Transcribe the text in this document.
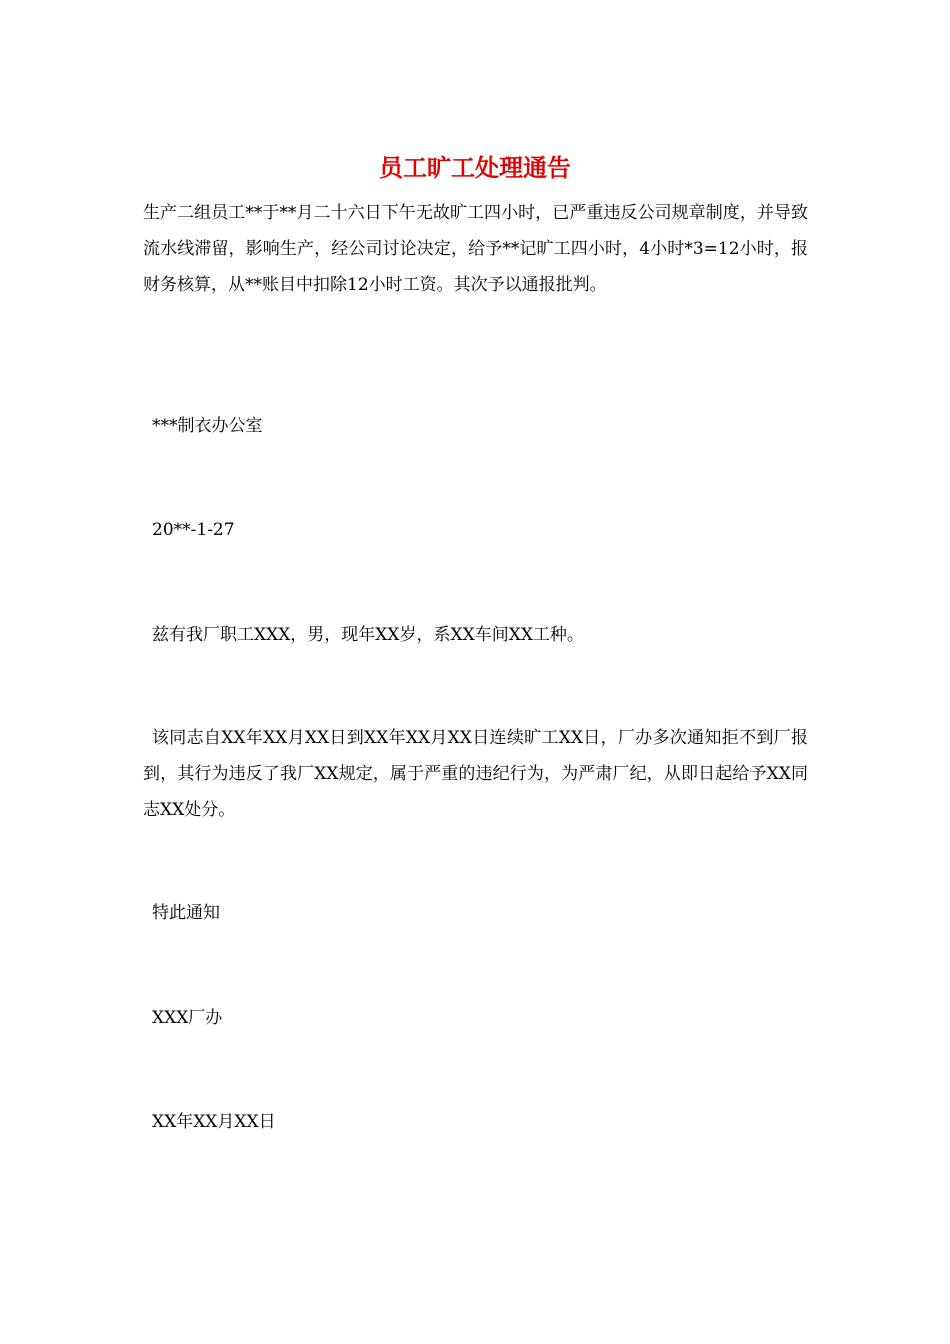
员工旷工处理通告

生产二组员工**于**月二十六日下午无故旷工四小时，已严重违反公司规章制度，并导致流水线滞留，影响生产，经公司讨论决定，给予**记旷工四小时，4小时*3=12小时，报财务核算，从**账目中扣除12小时工资。其次予以通报批判。

***制衣办公室

20**-1-27

兹有我厂职工XXX，男，现年XX岁，系XX车间XX工种。

该同志自XX年XX月XX日到XX年XX月XX日连续旷工XX日，厂办多次通知拒不到厂报到，其行为违反了我厂XX规定，属于严重的违纪行为，为严肃厂纪，从即日起给予XX同志XX处分。

特此通知

XXX厂办

XX年XX月XX日
